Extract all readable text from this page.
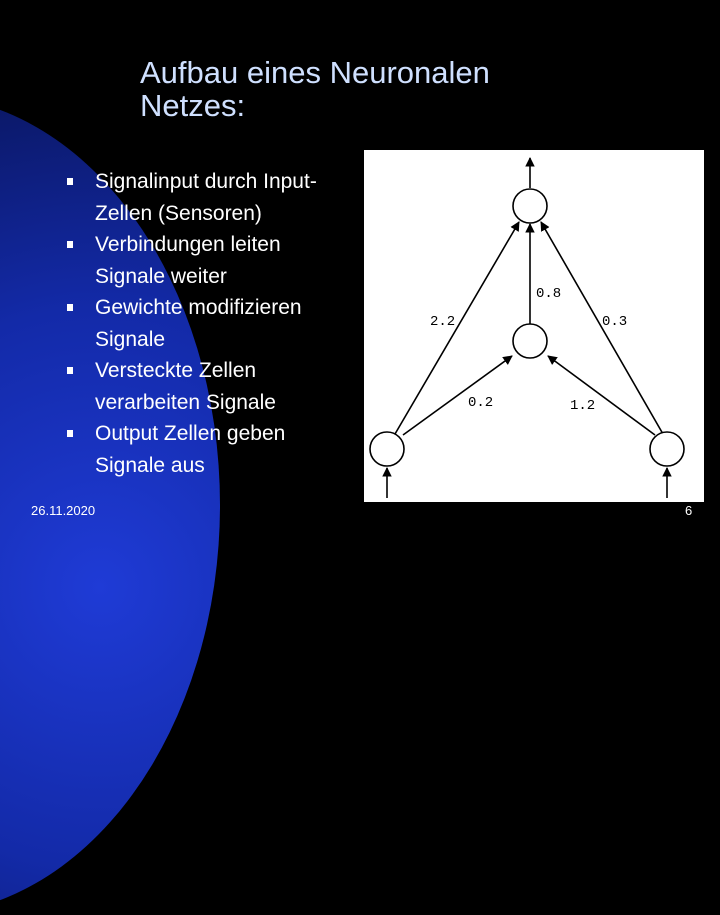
Aufbau eines Neuronalen
Netzes:
Signalinput durch Input-
Zellen (Sensoren)
Verbindungen leiten
Signale weiter
Gewichte modifizieren
Signale
Versteckte Zellen
verarbeiten Signale
Output Zellen geben
Signale aus
2.2
0.8
0.3
0.2	1.2
26.11.2020	6
